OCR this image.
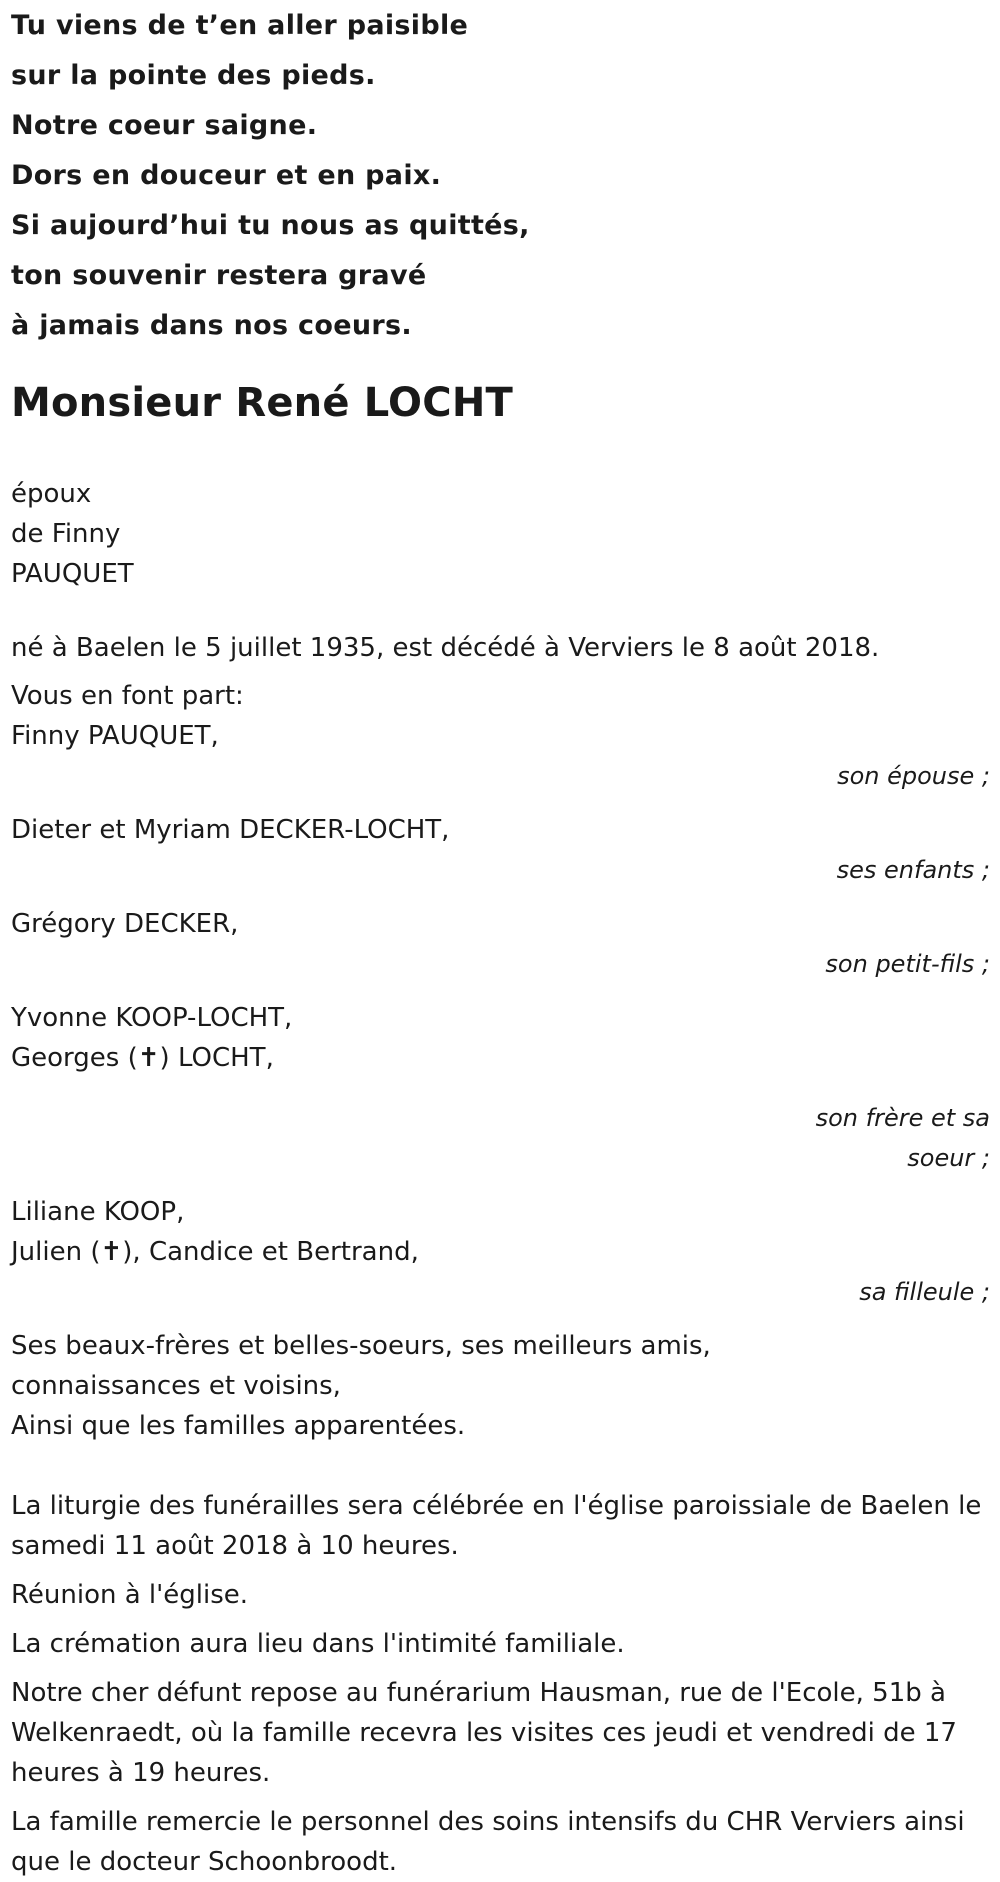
Tu viens de t’en aller paisible
sur la pointe des pieds.
Notre coeur saigne.
Dors en douceur et en paix.
Si aujourd’hui tu nous as quittés,
ton souvenir restera gravé
à jamais dans nos coeurs.
Monsieur René LOCHT
époux
de Finny
PAUQUET
né à Baelen le 5 juillet 1935, est décédé à Verviers le 8 août 2018.
Vous en font part:
Finny PAUQUET,
son épouse ;
Dieter et Myriam DECKER-LOCHT,
ses enfants ;
Grégory DECKER,
son petit-fils ;
Yvonne KOOP-LOCHT,
Georges (✝) LOCHT,
son frère et sa
soeur ;
Liliane KOOP,
Julien (✝), Candice et Bertrand,
sa filleule ;
Ses beaux-frères et belles-soeurs, ses meilleurs amis,
connaissances et voisins,
Ainsi que les familles apparentées.
La liturgie des funérailles sera célébrée en l'église paroissiale de Baelen le samedi 11 août 2018 à 10 heures.
Réunion à l'église.
La crémation aura lieu dans l'intimité familiale.
Notre cher défunt repose au funérarium Hausman, rue de l'Ecole, 51b à Welkenraedt, où la famille recevra les visites ces jeudi et vendredi de 17 heures à 19 heures.
La famille remercie le personnel des soins intensifs du CHR Verviers ainsi que le docteur Schoonbroodt.
